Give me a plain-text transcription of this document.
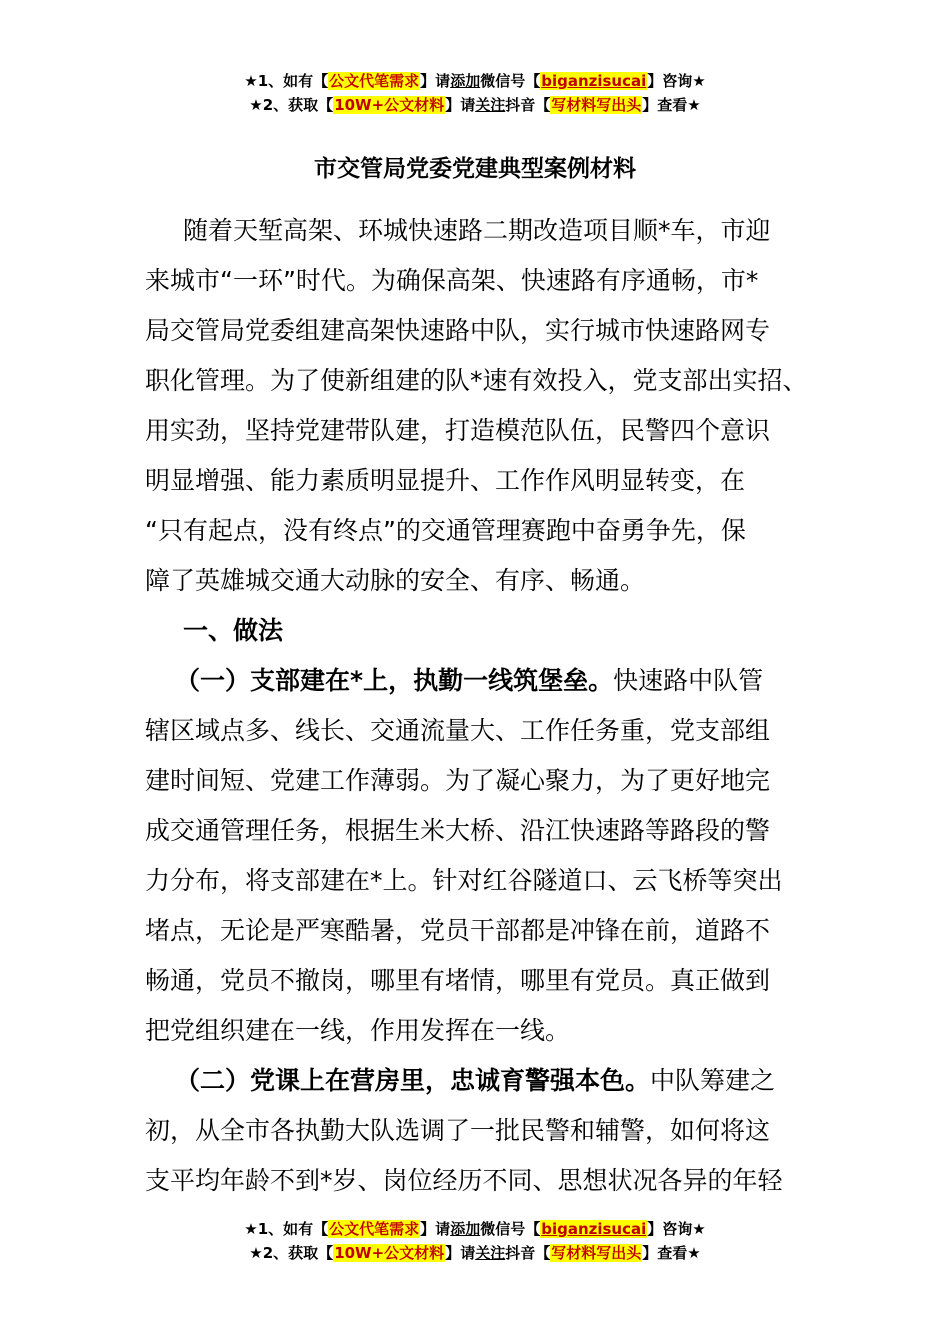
★1、如有【公文代笔需求】请添加微信号【biganzisucai】咨询★
★2、获取【10W+公文材料】请关注抖音【写材料写出头】查看★
市交管局党委党建典型案例材料
随着天堑高架、环城快速路二期改造项目顺*车，市迎
来城市“一环”时代。为确保高架、快速路有序通畅，市*
局交管局党委组建高架快速路中队，实行城市快速路网专
职化管理。为了使新组建的队*速有效投入，党支部出实招、
用实劲，坚持党建带队建，打造模范队伍，民警四个意识
明显增强、能力素质明显提升、工作作风明显转变，在
“只有起点，没有终点”的交通管理赛跑中奋勇争先，保
障了英雄城交通大动脉的安全、有序、畅通。
一、做法
（一）支部建在*上，执勤一线筑堡垒。快速路中队管
辖区域点多、线长、交通流量大、工作任务重，党支部组
建时间短、党建工作薄弱。为了凝心聚力，为了更好地完
成交通管理任务，根据生米大桥、沿江快速路等路段的警
力分布，将支部建在*上。针对红谷隧道口、云飞桥等突出
堵点，无论是严寒酷暑，党员干部都是冲锋在前，道路不
畅通，党员不撤岗，哪里有堵情，哪里有党员。真正做到
把党组织建在一线，作用发挥在一线。
（二）党课上在营房里，忠诚育警强本色。中队筹建之
初，从全市各执勤大队选调了一批民警和辅警，如何将这
支平均年龄不到*岁、岗位经历不同、思想状况各异的年轻
★1、如有【公文代笔需求】请添加微信号【biganzisucai】咨询★
★2、获取【10W+公文材料】请关注抖音【写材料写出头】查看★
